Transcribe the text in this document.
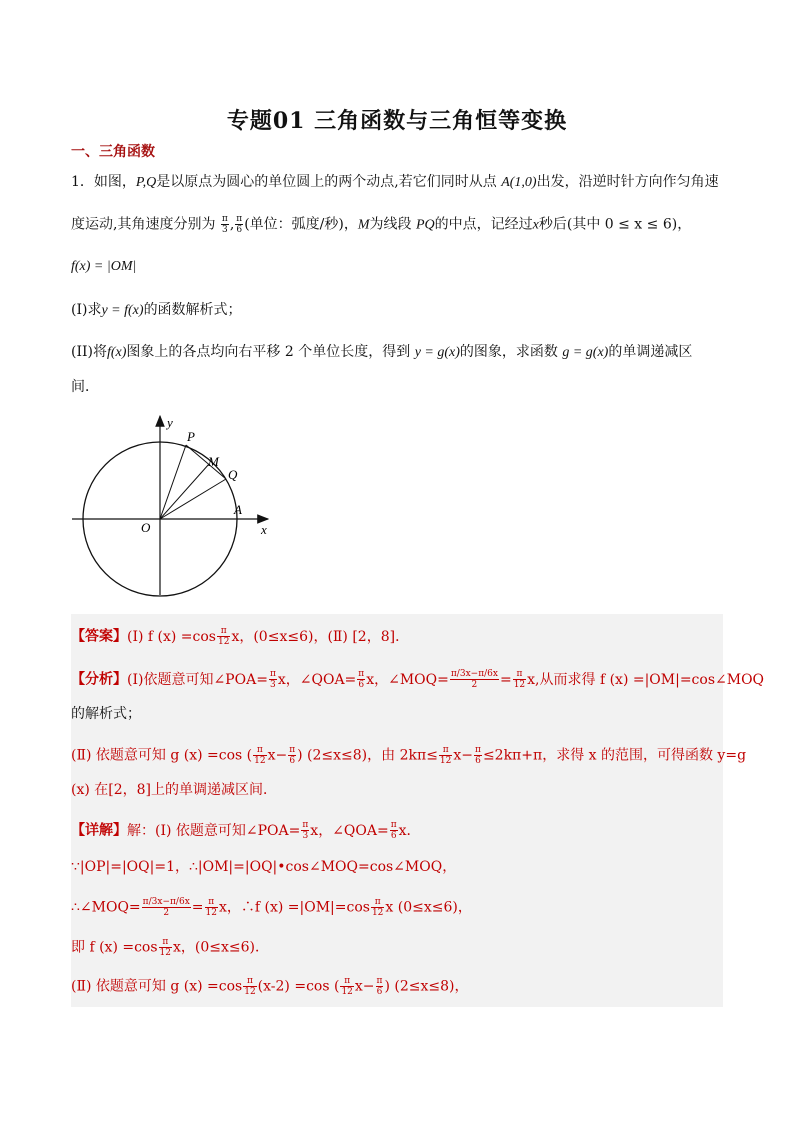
专题01 三角函数与三角恒等变换
一、三角函数
1．如图，P,Q是以原点为圆心的单位圆上的两个动点,若它们同时从点 A(1,0)出发，沿逆时针方向作匀角速
度运动,其角速度分别为 $\frac{\pi}{3}$ , $\frac{\pi}{6}$ (单位：弧度/秒)，M为线段 PQ的中点，记经过x秒后(其中 0 ≤ x ≤ 6)，
f(x) = |OM|
(I)求y = f(x)的函数解析式；
(II)将f(x)图象上的各点均向右平移 2 个单位长度，得到 y = g(x)的图象，求函数 g = g(x)的单调递减区
间．
y
x
O
A
P
M
Q
【答案】(Ⅰ) f $(x) =\cos \frac{\pi}{12}$ x，(0≤x≤6)，(Ⅱ) [2，8]．
【分析】(Ⅰ)依题意可知∠POA= $\frac{\pi}{3}$ x，∠QOA= $\frac{\pi}{6}$ x，∠MOQ= $\frac{\pi/3x-\pi/6x}{2} = \frac{\pi}{12} x$,从而求得 f (x) =|OM|=cos∠MOQ
的解析式；
(Ⅱ) 依题意可知 g (x) =cos ( $\frac{\pi}{12} x- \frac{\pi}{6}$ ) (2≤x≤8)，由 $2k\pi\le \frac{\pi}{12} x- \frac{\pi}{6} \le 2k\pi+\pi$，求得 x 的范围，可得函数 y=g
(x) 在[2，8]上的单调递减区间．
【详解】解：(Ⅰ) 依题意可知∠POA= $\frac{\pi}{3}$ x，∠QOA= $\frac{\pi}{6}$ x．
∵|OP|=|OQ|=1，∴|OM|=|OQ|•cos∠MOQ=cos∠MOQ，
∴∠MOQ= $\frac{\pi/3x-\pi/6x}{2} = \frac{\pi}{12}$ x，∴f $(x) =|OM|=\cos \frac{\pi}{12}$ x (0≤x≤6)，
即 f $(x) =\cos \frac{\pi}{12}$ x，(0≤x≤6)．
(Ⅱ) 依题意可知 g $(x) =\cos \frac{\pi}{12} (x-2) =\cos$ ( $\frac{\pi}{12} x- \frac{\pi}{6}$ ) (2≤x≤8)，
